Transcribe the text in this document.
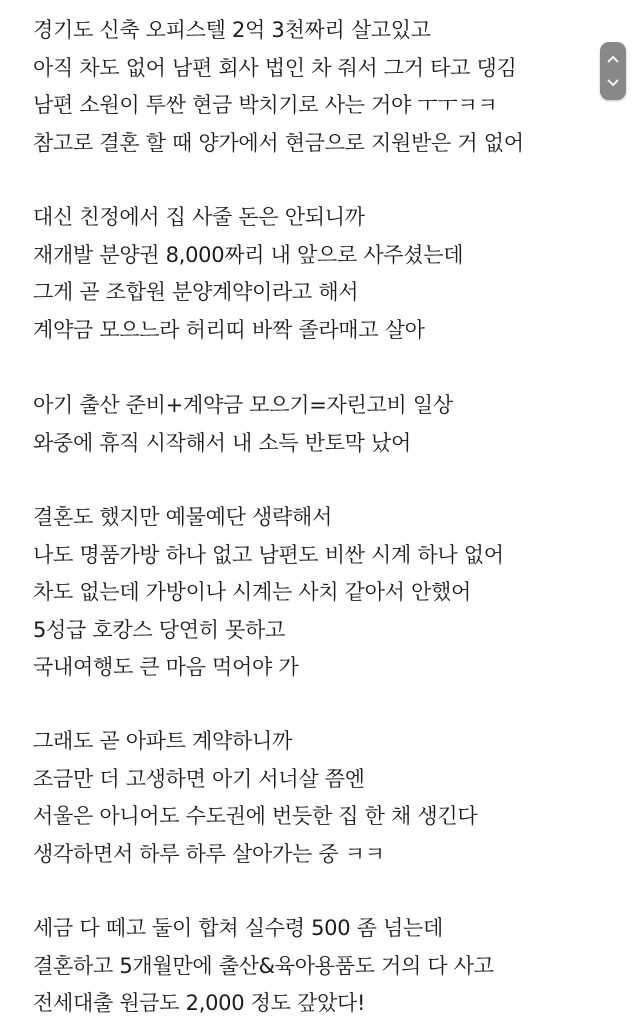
경기도 신축 오피스텔 2억 3천짜리 살고있고
아직 차도 없어 남편 회사 법인 차 줘서 그거 타고 댕김
남편 소원이 투싼 현금 박치기로 사는 거야 ㅜㅜㅋㅋ
참고로 결혼 할 때 양가에서 현금으로 지원받은 거 없어
대신 친정에서 집 사줄 돈은 안되니까
재개발 분양권 8,000짜리 내 앞으로 사주셨는데
그게 곧 조합원 분양계약이라고 해서
계약금 모으느라 허리띠 바짝 졸라매고 살아
아기 출산 준비+계약금 모으기=자린고비 일상
와중에 휴직 시작해서 내 소득 반토막 났어
결혼도 했지만 예물예단 생략해서
나도 명품가방 하나 없고 남편도 비싼 시계 하나 없어
차도 없는데 가방이나 시계는 사치 같아서 안했어
5성급 호캉스 당연히 못하고
국내여행도 큰 마음 먹어야 가
그래도 곧 아파트 계약하니까
조금만 더 고생하면 아기 서너살 쯤엔
서울은 아니어도 수도권에 번듯한 집 한 채 생긴다
생각하면서 하루 하루 살아가는 중 ㅋㅋ
세금 다 떼고 둘이 합쳐 실수령 500 좀 넘는데
결혼하고 5개월만에 출산&육아용품도 거의 다 사고
전세대출 원금도 2,000 정도 갚았다!
